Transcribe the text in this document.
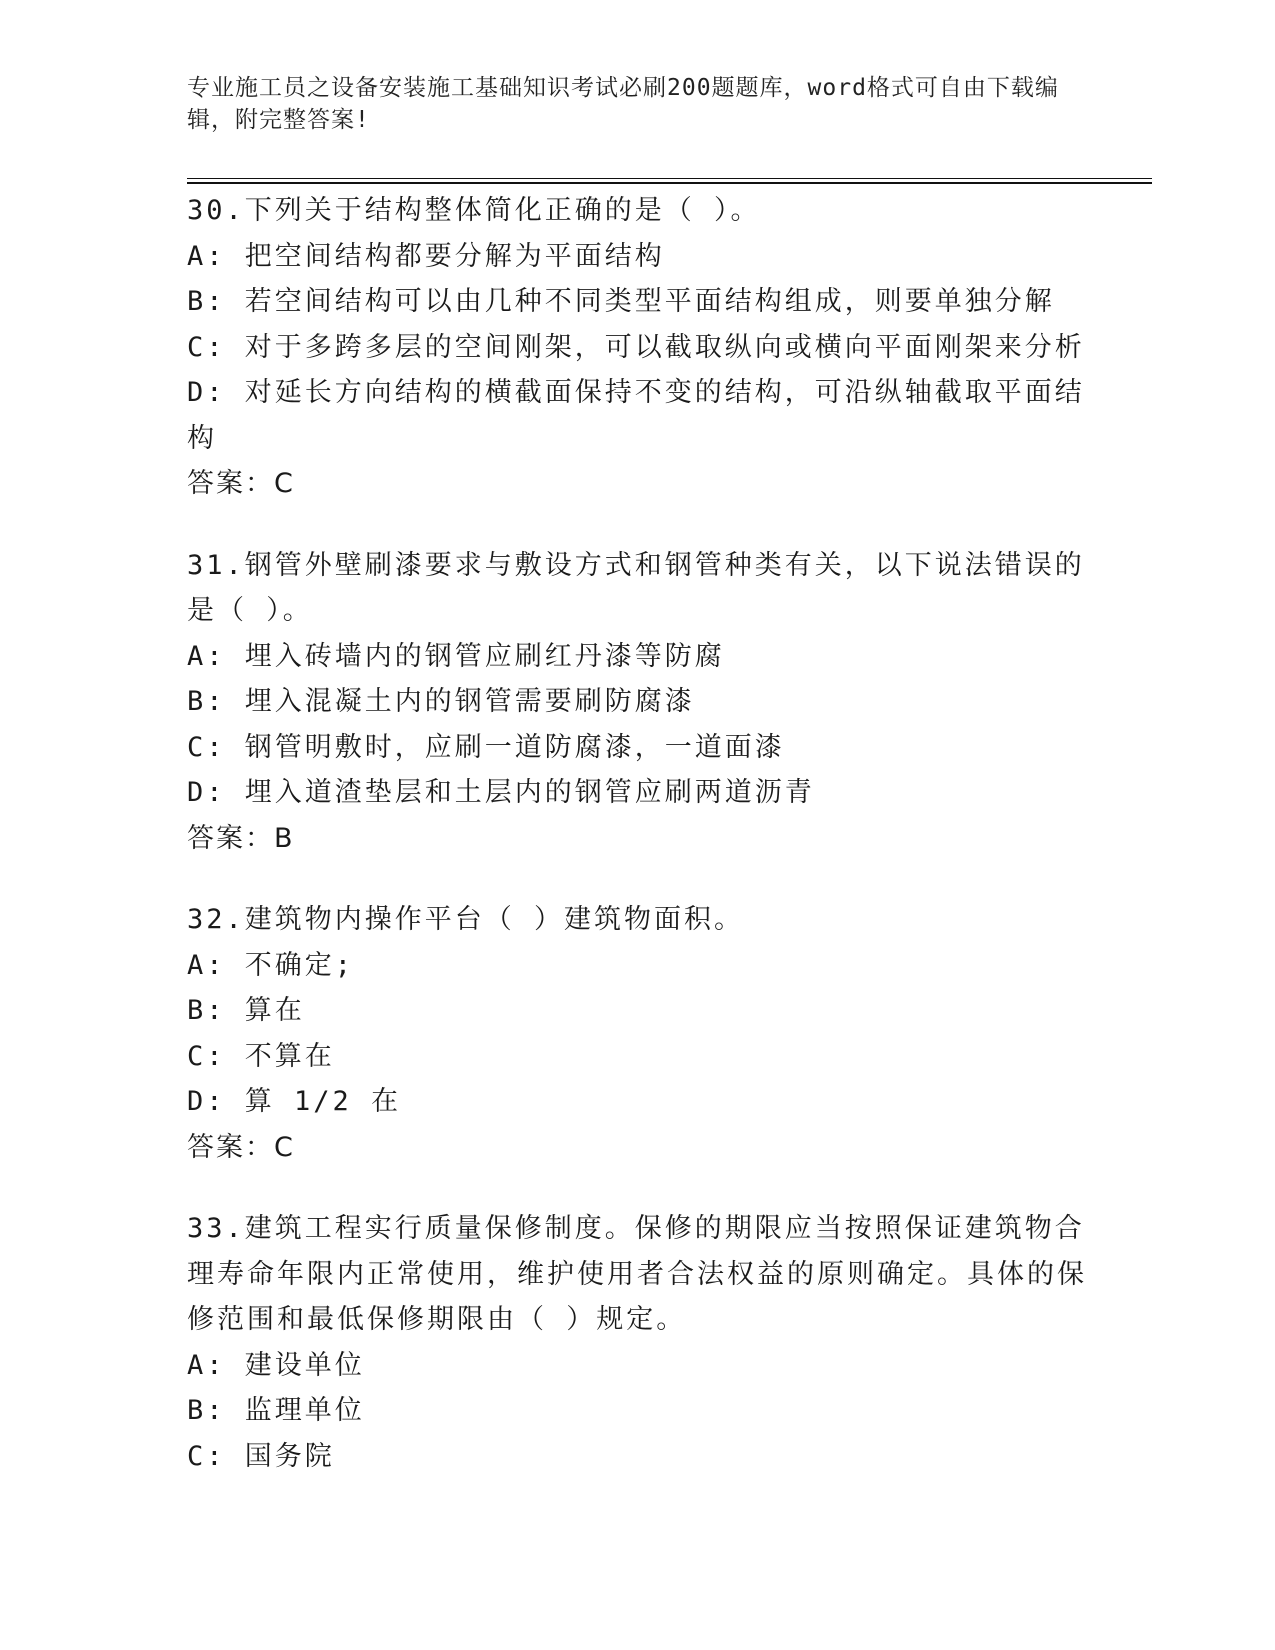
专业施工员之设备安装施工基础知识考试必刷200题题库，word格式可自由下载编辑，附完整答案!

30.下列关于结构整体简化正确的是（ ）。

A: 把空间结构都要分解为平面结构

B: 若空间结构可以由几种不同类型平面结构组成，则要单独分解

C: 对于多跨多层的空间刚架，可以截取纵向或横向平面刚架来分析

D: 对延长方向结构的横截面保持不变的结构，可沿纵轴截取平面结构

答案：C

31.钢管外壁刷漆要求与敷设方式和钢管种类有关，以下说法错误的是（ ）。

A: 埋入砖墙内的钢管应刷红丹漆等防腐

B: 埋入混凝土内的钢管需要刷防腐漆

C: 钢管明敷时，应刷一道防腐漆，一道面漆

D: 埋入道渣垫层和土层内的钢管应刷两道沥青

答案：B

32.建筑物内操作平台（ ）建筑物面积。

A: 不确定;

B: 算在

C: 不算在

D: 算 1/2 在

答案：C

33.建筑工程实行质量保修制度。保修的期限应当按照保证建筑物合理寿命年限内正常使用，维护使用者合法权益的原则确定。具体的保修范围和最低保修期限由（ ）规定。

A: 建设单位

B: 监理单位

C: 国务院
